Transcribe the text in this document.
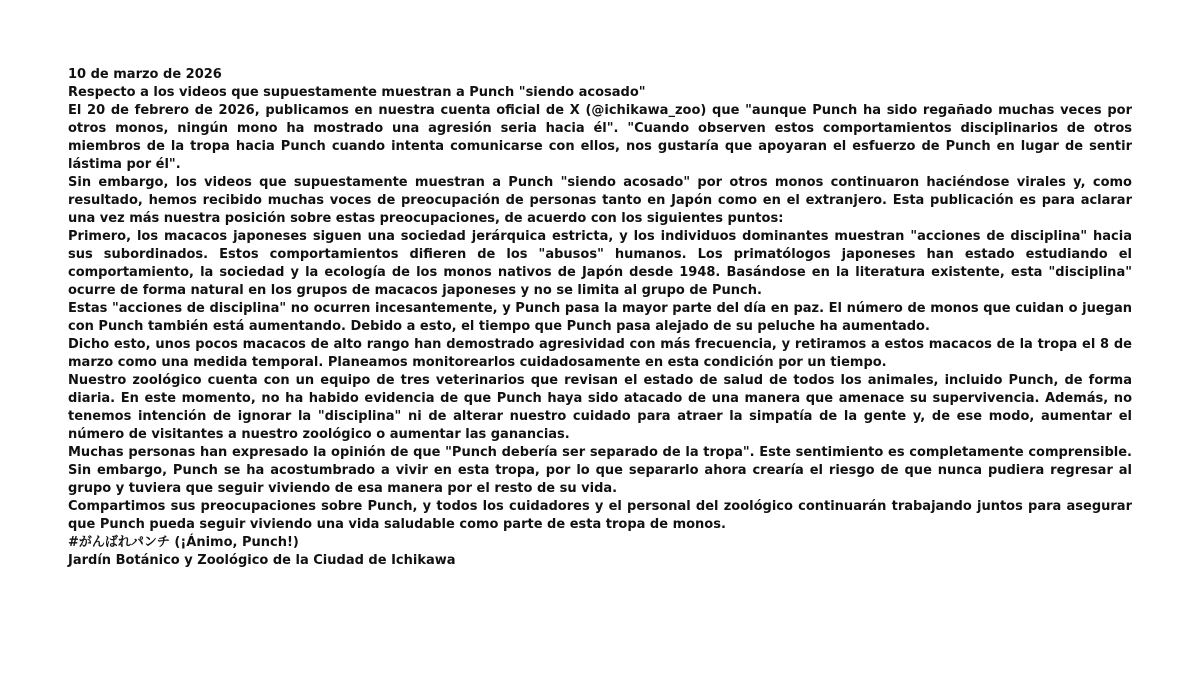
10 de marzo de 2026
Respecto a los videos que supuestamente muestran a Punch "siendo acosado"
El 20 de febrero de 2026, publicamos en nuestra cuenta oficial de X (@ichikawa_zoo) que "aunque Punch ha sido regañado muchas veces por otros monos, ningún mono ha mostrado una agresión seria hacia él". "Cuando observen estos comportamientos disciplinarios de otros miembros de la tropa hacia Punch cuando intenta comunicarse con ellos, nos gustaría que apoyaran el esfuerzo de Punch en lugar de sentir lástima por él".
Sin embargo, los videos que supuestamente muestran a Punch "siendo acosado" por otros monos continuaron haciéndose virales y, como resultado, hemos recibido muchas voces de preocupación de personas tanto en Japón como en el extranjero. Esta publicación es para aclarar una vez más nuestra posición sobre estas preocupaciones, de acuerdo con los siguientes puntos:
Primero, los macacos japoneses siguen una sociedad jerárquica estricta, y los individuos dominantes muestran "acciones de disciplina" hacia sus subordinados. Estos comportamientos difieren de los "abusos" humanos. Los primatólogos japoneses han estado estudiando el comportamiento, la sociedad y la ecología de los monos nativos de Japón desde 1948. Basándose en la literatura existente, esta "disciplina" ocurre de forma natural en los grupos de macacos japoneses y no se limita al grupo de Punch.
Estas "acciones de disciplina" no ocurren incesantemente, y Punch pasa la mayor parte del día en paz. El número de monos que cuidan o juegan con Punch también está aumentando. Debido a esto, el tiempo que Punch pasa alejado de su peluche ha aumentado.
Dicho esto, unos pocos macacos de alto rango han demostrado agresividad con más frecuencia, y retiramos a estos macacos de la tropa el 8 de marzo como una medida temporal. Planeamos monitorearlos cuidadosamente en esta condición por un tiempo.
Nuestro zoológico cuenta con un equipo de tres veterinarios que revisan el estado de salud de todos los animales, incluido Punch, de forma diaria. En este momento, no ha habido evidencia de que Punch haya sido atacado de una manera que amenace su supervivencia. Además, no tenemos intención de ignorar la "disciplina" ni de alterar nuestro cuidado para atraer la simpatía de la gente y, de ese modo, aumentar el número de visitantes a nuestro zoológico o aumentar las ganancias.
Muchas personas han expresado la opinión de que "Punch debería ser separado de la tropa". Este sentimiento es completamente comprensible. Sin embargo, Punch se ha acostumbrado a vivir en esta tropa, por lo que separarlo ahora crearía el riesgo de que nunca pudiera regresar al grupo y tuviera que seguir viviendo de esa manera por el resto de su vida.
Compartimos sus preocupaciones sobre Punch, y todos los cuidadores y el personal del zoológico continuarán trabajando juntos para asegurar que Punch pueda seguir viviendo una vida saludable como parte de esta tropa de monos.
#がんばれパンチ (¡Ánimo, Punch!)
Jardín Botánico y Zoológico de la Ciudad de Ichikawa
